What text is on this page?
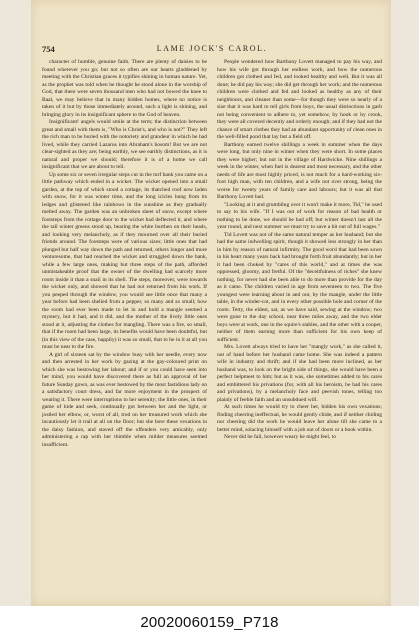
754	LAME JOCK'S CAROL.

character of humble, genuine faith. There are plenty of daisies to be found wherever you go; but not so often are our hearts gladdened by meeting with the Christian graces it typifies shining in human nature. Yet, as the prophet was told when he thought he stood alone in the worship of God, that there were seven thousand men who had not bowed the knee to Baal, we may believe that in many hidden homes, where no notice is taken of it but by those immediately around, such a light is shining, and bringing glory in its insignificant sphere to the God of heaven.

Insignificant! angels would smile at the term; the distinction between great and small with them is, "Who is Christ's, and who is not?" They left the rich man to be buried with the notoriety and grandeur in which he had lived, while they carried Lazarus into Abraham's bosom! But we are not clear-sighted as they are; being earthly, we see earthly distinctions, as it is natural and proper we should; therefore it is of a home we call insignificant that we are about to tell.

Up some six or seven irregular steps cut in the turf bank you came on a little pathway which ended in a wicket. The wicket opened into a small garden, at the top of which stood a cottage, its thatched roof now laden with snow, for it was winter time, and the long icicles hung from its ledges and glistened like rainbows in the sunshine as they gradually melted away. The garden was an unbroken sheet of snow, except where footsteps from the cottage door to the wicket had deflected it, and where the tall winter greens stood up, bearing the white burthen on their heads, and looking very melancholy, as if they mourned over all their buried friends around. The footsteps were of various sizes; little ones that had plunged but half way down the path and returned, others longer and more venturesome, that had reached the wicket and struggled down the bank, while a few large ones, making but three steps of the path, afforded unmistakeable proof that the owner of the dwelling had scarcely more room inside it than a snail in its shell. The steps, moreover, were towards the wicket only, and showed that he had not returned from his work. If you peeped through the window, you would see little once that many a year before had been shelled from a pepper, so many and so small; how the room had ever been made to let in and hold a mangle seemed a mystery, but it had, and it did, and the mother of the lively little ones stood at it, adjusting the clothes for mangling. There was a fire, so small, that if the room had been large, its benefits would have been doubtful, but (in this view of the case, happily) it was so small, that to be in it at all you must be near to the fire.

A girl of sixteen sat by the window busy with her needle, every now and then arrested in her work by gazing at the gay-coloured print on which she was bestowing her labour; and if or you could have seen into her mind, you would have discovered there as full an approval of her future Sunday gown, as was ever bestowed by the most fastidious lady on a satisfactory court dress, and far more enjoyment in the prospect of wearing it. There were interruptions to her serenity; the little ones, in their game of hide and seek, continually got between her and the light, or jostled her elbow, or, worst of all, trod on her treasured work which she incautiously let it trail at all on the floor; but she bore these vexations in the daisy fashion, and staved off the offenders very amicably, only administering a rap with her thimble when milder measures seemed insufficient.

People wondered how Barthony Lovett managed to pay his way, and how his wife got through her endless work, and how the numerous children got clothed and fed, and looked healthy and well. But it was all done; he did pay his way; she did get through her work; and the numerous children were clothed and fed and looked as healthy as any of their neighbours, and cleaner than some—for though they were so nearly of a size that it was hard to tell girls from boys, the usual distinctions in garb not being convenient to adhere to, yet somehow, by hook or by crook, they were all covered decently and orderly enough; and if they had not the chance of smart clothes they had an abundant opportunity of clean ones in the well-filled pond that lay but a field off.

Barthony earned twelve shillings a week in summer when the days were long, but only nine in winter when they were short. In some places they were higher; but not in the village of Hardwicke. Nine shillings a week in the winter, when fuel is dearest and most necessary, and the other needs of life are most highly priced, is not much for a hard-working six-foot high man, with ten children, and a wife not over strong, being the worse for twenty years of family care and labours; but it was all that Barthony Lovett had.

"Looking at it and grumbling over it won't make it more, Tid," he used to say to his wife. "If I was out of work for reason of bad health or nothing to be done, we should be bad off; but winter doesn't last all the year round, and next summer we must try to save a bit out of full wages."

Tid Lovett was not of the same natural temper as her husband; but she had the same indwelling spirit, though it showed less strongly in her than in him by reason of natural infirmity. The good word that had been sown in his heart many years back had brought forth fruit abundantly; but in her it had been choked by "cares of this world," and at times she was oppressed, gloomy, and fretful. Of the "deceitfulness of riches" she knew nothing, for never had she been able to do more than provide for the day as it came. The children varied in age from seventeen to two. The five youngest were learning about in and out, by the mangle, under the little table, in the winder-cot, and in every other possible hole and corner of the room. Tetty, the eldest, sat, as we have said, sewing at the window; two were gone to the day school, near three miles away, and the two elder boys were at work, one in the squire's stables, and the other with a cooper, neither of them earning more than sufficient for his own keep of sufficient.

Mrs. Lovett always tried to have her "mangly work," as she called it, out of hand before her husband came home. She was indeed a pattern wife in industry and thrift; and if she had been more inclined, as her husband was, to look on the bright side of things, she would have been a perfect helpmeet to him; but as it was, she sometimes added to his cares and embittered his privations (for, with all his heroism, he had his cares and privations), by a melancholy face and peevish tones, telling too plainly of feeble faith and an unsubdued will.

At such times he would try to cheer her, bidden his own vexations; finding cheering ineffectual, he would gently chide, and if neither chiding nor cheering did the work he would leave her alone till she came to a better mind, solacing himself with a job out of doors or a book within.

Never did he fail, however weary he might feel, to

20020060159_P718
